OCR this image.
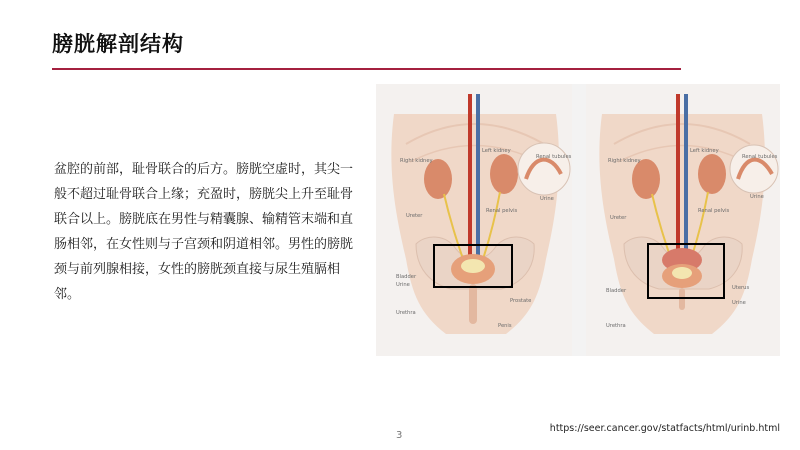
膀胱解剖结构
盆腔的前部，耻骨联合的后方。膀胱空虚时，其尖一般不超过耻骨联合上缘；充盈时，膀胱尖上升至耻骨联合以上。膀胱底在男性与精囊腺、输精管末端和直肠相邻，在女性则与子宫颈和阴道相邻。男性的膀胱颈与前列腺相接，女性的膀胱颈直接与尿生殖膈相邻。
Right kidney
Left kidney
Renal tubules
Urine
Ureter
Renal pelvis
Bladder
Urine
Prostate
Urethra
Penis
Right kidney
Left kidney
Renal tubules
Urine
Ureter
Renal pelvis
Bladder	Uterus
Urine
Urethra
3
https://seer.cancer.gov/statfacts/html/urinb.html
